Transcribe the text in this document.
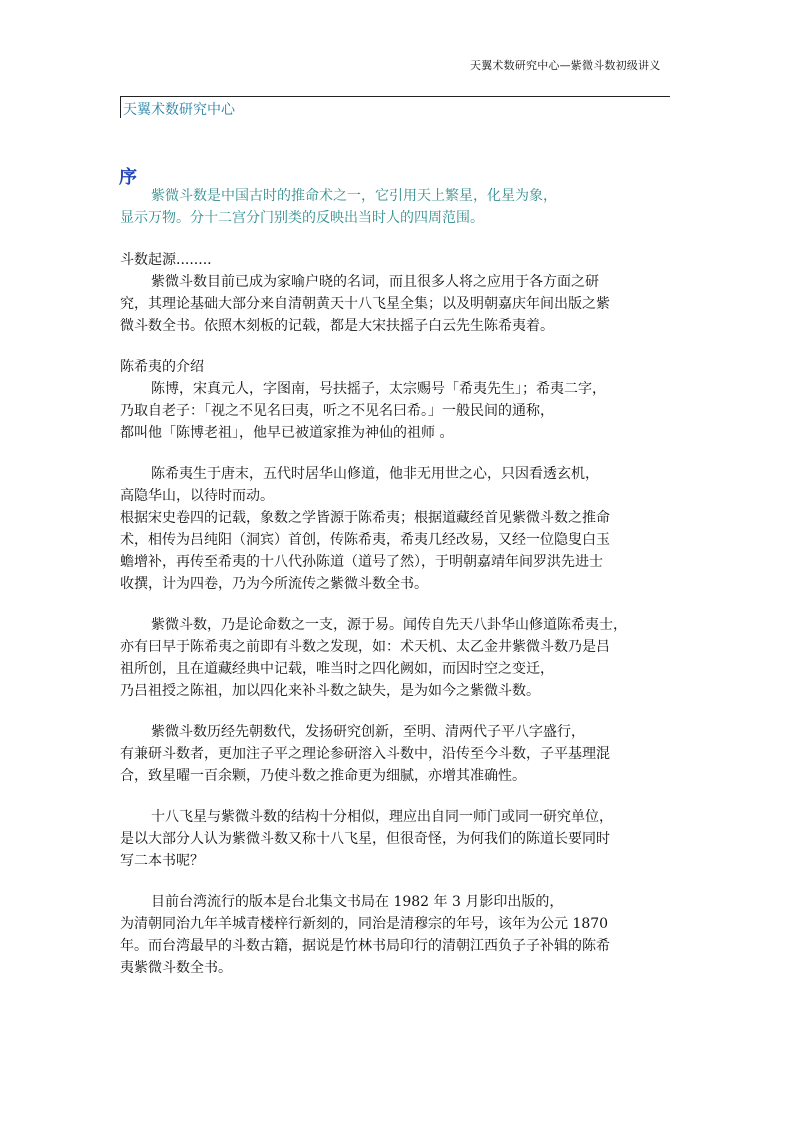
天翼术数研究中心—紫微斗数初级讲义
天翼术数研究中心
序
紫微斗数是中国古时的推命术之一，它引用天上繁星，化星为象，
显示万物。分十二宫分门别类的反映出当时人的四周范围。
斗数起源........
紫微斗数目前已成为家喻户晓的名词，而且很多人将之应用于各方面之研
究，其理论基础大部分来自清朝黄天十八飞星全集；以及明朝嘉庆年间出版之紫
微斗数全书。依照木刻板的记载，都是大宋扶摇子白云先生陈希夷着。
陈希夷的介绍
陈博，宋真元人，字图南，号扶摇子，太宗赐号「希夷先生」；希夷二字，
乃取自老子：「视之不见名曰夷，听之不见名曰希。」一般民间的通称，
都叫他「陈博老祖」，他早已被道家推为神仙的祖师 。
陈希夷生于唐末，五代时居华山修道，他非无用世之心，只因看透玄机，
高隐华山，以待时而动。
根据宋史卷四的记载，象数之学皆源于陈希夷；根据道藏经首见紫微斗数之推命
术，相传为吕纯阳（洞宾）首创，传陈希夷，希夷几经改易，又经一位隐叟白玉
蟾增补，再传至希夷的十八代孙陈道（道号了然），于明朝嘉靖年间罗洪先进士
收撰，计为四卷，乃为今所流传之紫微斗数全书。
紫微斗数，乃是论命数之一支，源于易。闻传自先天八卦华山修道陈希夷士，
亦有曰早于陈希夷之前即有斗数之发现，如：术天机、太乙金井紫微斗数乃是吕
祖所创，且在道藏经典中记载，唯当时之四化阙如，而因时空之变迁，
乃吕祖授之陈祖，加以四化来补斗数之缺失，是为如今之紫微斗数。
紫微斗数历经先朝数代，发扬研究创新，至明、清两代子平八字盛行，
有兼研斗数者，更加注子平之理论参研溶入斗数中，沿传至今斗数，子平基理混
合，致星曜一百余颗，乃使斗数之推命更为细腻，亦增其准确性。
十八飞星与紫微斗数的结构十分相似，理应出自同一师门或同一研究单位，
是以大部分人认为紫微斗数又称十八飞星，但很奇怪，为何我们的陈道长要同时
写二本书呢？
目前台湾流行的版本是台北集文书局在 1982 年 3 月影印出版的，
为清朝同治九年羊城青楼梓行新刻的，同治是清穆宗的年号，该年为公元 1870
年。而台湾最早的斗数古籍，据说是竹林书局印行的清朝江西负子子补辑的陈希
夷紫微斗数全书。
